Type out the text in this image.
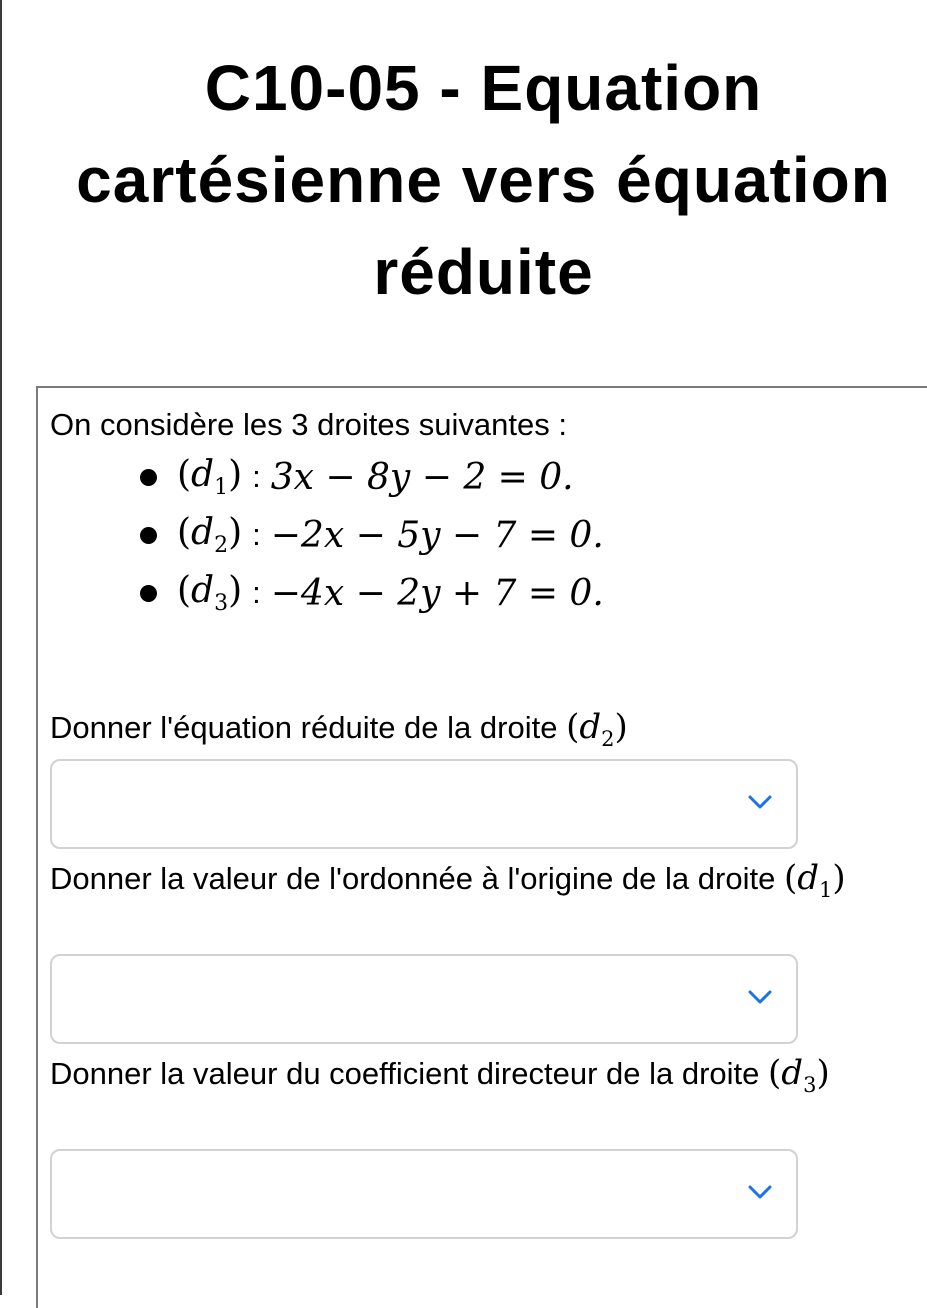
C10-05 - Equation cartésienne vers équation réduite
On considère les 3 droites suivantes :
$(d_1)$ : 3x − 8y − 2 = 0.
$(d_2)$ : −2x − 5y − 7 = 0.
$(d_3)$ : −4x − 2y + 7 = 0.
Donner l'équation réduite de la droite $(d_2)$
Donner la valeur de l'ordonnée à l'origine de la droite $(d_1)$
Donner la valeur du coefficient directeur de la droite $(d_3)$
